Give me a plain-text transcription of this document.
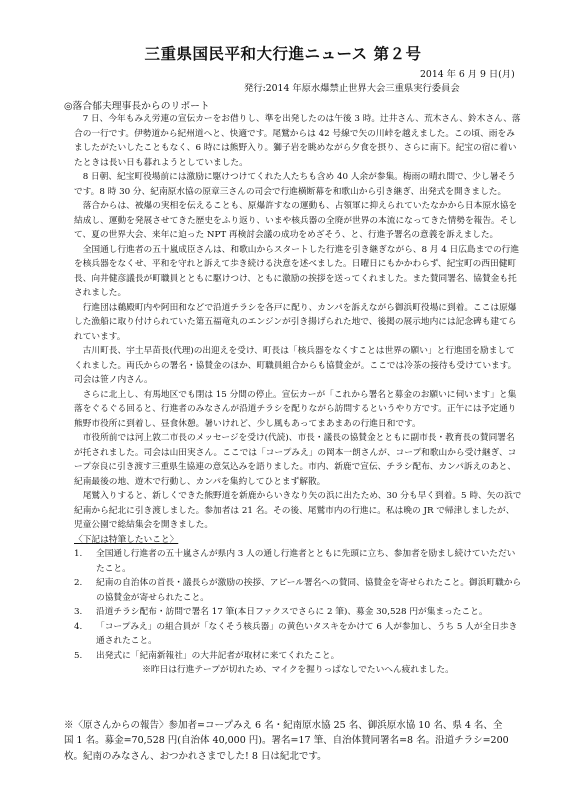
三重県国民平和大行進ニュース 第２号
2014 年 6 月 9 日(月)
発行:2014 年原水爆禁止世界大会三重県実行委員会
◎落合郁夫理事長からのリポート

7 日、今年もみえ労連の宣伝カーをお借りし、準を出発したのは午後 3 時。辻井さん、荒木さん、鈴木さん、落合の一行です。伊勢道から紀州道へと、快適です。尾鷲からは 42 号線で矢の川峠を越えました。この頃、雨をみましたがたいしたこともなく、6 時には熊野入り。獅子岩を眺めながら夕食を摂り、さらに南下。紀宝の宿に着いたときは長い日も暮れようとしていました。

8 日朝、紀宝町役場前には激励に駆けつけてくれた人たちも含め 40 人余が参集。梅雨の晴れ間で、少し暑そうです。8 時 30 分、紀南原水協の原章三さんの司会で行進横断幕を和歌山から引き継ぎ、出発式を開きました。

落合からは、被爆の実相を伝えることも、原爆許すなの運動も、占領軍に抑えられていたなかから日本原水協を結成し、運動を発展させてきた歴史をふり返り、いまや核兵器の全廃が世界の本流になってきた情勢を報告。そして、夏の世界大会、来年に迫った NPT 再検討会議の成功をめざそう、と、行進予署名の意義を訴えました。

全国通し行進者の五十嵐成臣さんは、和歌山からスタートした行進を引き継ぎながら、8 月 4 日広島までの行進を核兵器をなくせ、平和を守れと訴えて歩き続ける決意を述べました。日曜日にもかかわらず、紀宝町の西田健町長、向井健彦議長が町職員とともに駆けつけ、ともに激励の挨拶を送ってくれました。また賛同署名、協賛金も托されました。

行進団は鵜殿町内や阿田和などで沿道チラシを各戸に配り、カンパを訴えながら御浜町役場に到着。ここは原爆した漁船に取り付けられていた第五福竜丸のエンジンが引き揚げられた地で、後掲の展示地内には記念碑も建てられています。

古川町長、宇土早苗長(代理)の出迎えを受け、町長は「核兵器をなくすことは世界の願い」と行進団を励ましてくれました。両氏からの署名・協賛金のほか、町職員組合からも協賛金が。ここでは冷茶の接待も受けています。司会は笹ノ内さん。

さらに北上し、有馬地区でも閉は 15 分間の停止。宣伝カーが「これから署名と募金のお願いに伺います」と集落をぐるぐる回ると、行進者のみなさんが沿道チラシを配りながら訪問するというやり方です。正午には予定通り熊野市役所に到着し、昼食休憩。暑いけれど、少し風もあってまあまあの行進日和です。

市役所前では河上敦二市長のメッセージを受け(代読)、市長・議長の協賛金とともに副市長・教育長の賛同署名が托されました。司会は山田実さん。ここでは「コープみえ」の岡本一朗さんが、コープ和歌山から受け継ぎ、コープ奈良に引き渡す三重県生協連の意気込みを語りました。市内、新鹿で宣伝、チラシ配布、カンパ訴えのあと、紀南最後の地、遊木で行動し、カンパを集約してひとまず解散。

尾鷲入りすると、新しくできた熊野道を新鹿からいきなり矢の浜に出たため、30 分も早く到着。5 時、矢の浜で紀南から紀北に引き渡しました。参加者は 21 名。その後、尾鷲市内の行進に。私は晩の JR で帰津しましたが、児童公園で総結集会を開きました。

〈下記は特筆したいこと〉

1.	全国通し行進者の五十嵐さんが県内 3 人の通し行進者とともに先頭に立ち、参加者を励まし続けていただいたこと。
2.	紀南の自治体の首長・議長らが激励の挨拶、アピール署名への賛同、協賛金を寄せられたこと。御浜町職からの協賛金が寄せられたこと。
3.	沿道チラシ配布・訪問で署名 17 筆(本日ファクスでさらに 2 筆)、募金 30,528 円が集まったこと。
4.	「コープみえ」の組合員が「なくそう核兵器」の黄色いタスキをかけて 6 人が参加し、うち 5 人が全日歩き通されたこと。
5.	出発式に「紀南新報社」の大井記者が取材に来てくれたこと。

※昨日は行進テープが切れため、マイクを握りっぱなしでたいへん疲れました。

※〈原さんからの報告〉参加者=コープみえ 6 名・紀南原水協 25 名、御浜原水協 10 名、県 4 名、全

国 1 名。募金=70,528 円(自治体 40,000 円)。署名=17 筆、自治体賛同署名=8 名。沿道チラシ=200

枚。紀南のみなさん、おつかれさまでした! 8 日は紀北です。
